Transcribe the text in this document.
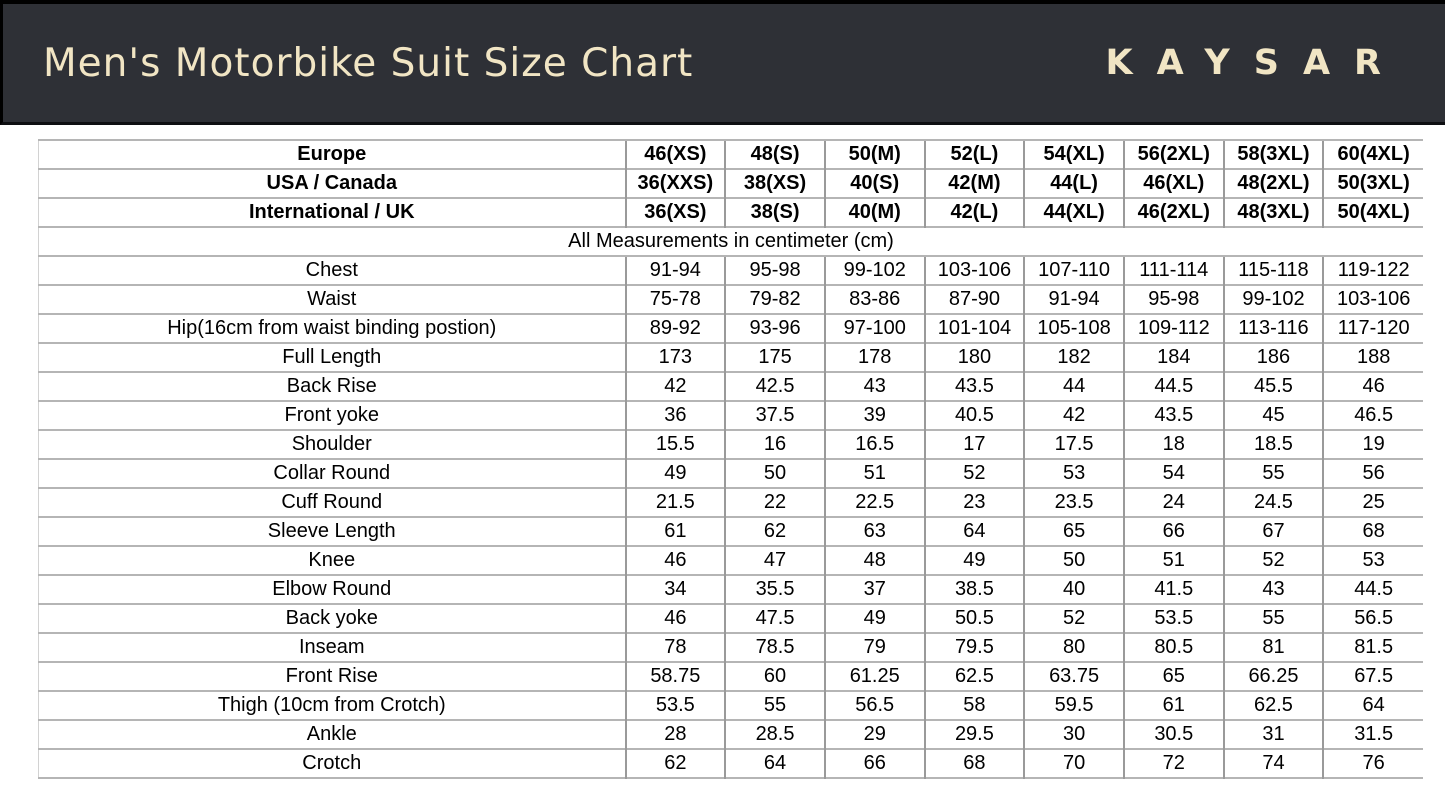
Men's Motorbike Suit Size Chart	KAYSAR
Europe	46(XS)	48(S)	50(M)	52(L)	54(XL)	56(2XL)	58(3XL)	60(4XL)
USA / Canada	36(XXS)	38(XS)	40(S)	42(M)	44(L)	46(XL)	48(2XL)	50(3XL)
International / UK	36(XS)	38(S)	40(M)	42(L)	44(XL)	46(2XL)	48(3XL)	50(4XL)
All Measurements in centimeter (cm)								
Chest	91-94	95-98	99-102	103-106	107-110	111-114	115-118	119-122
Waist	75-78	79-82	83-86	87-90	91-94	95-98	99-102	103-106
Hip(16cm from waist binding postion)	89-92	93-96	97-100	101-104	105-108	109-112	113-116	117-120
Full Length	173	175	178	180	182	184	186	188
Back Rise	42	42.5	43	43.5	44	44.5	45.5	46
Front yoke	36	37.5	39	40.5	42	43.5	45	46.5
Shoulder	15.5	16	16.5	17	17.5	18	18.5	19
Collar Round	49	50	51	52	53	54	55	56
Cuff Round	21.5	22	22.5	23	23.5	24	24.5	25
Sleeve Length	61	62	63	64	65	66	67	68
Knee	46	47	48	49	50	51	52	53
Elbow Round	34	35.5	37	38.5	40	41.5	43	44.5
Back yoke	46	47.5	49	50.5	52	53.5	55	56.5
Inseam	78	78.5	79	79.5	80	80.5	81	81.5
Front Rise	58.75	60	61.25	62.5	63.75	65	66.25	67.5
Thigh (10cm from Crotch)	53.5	55	56.5	58	59.5	61	62.5	64
Ankle	28	28.5	29	29.5	30	30.5	31	31.5
Crotch	62	64	66	68	70	72	74	76
